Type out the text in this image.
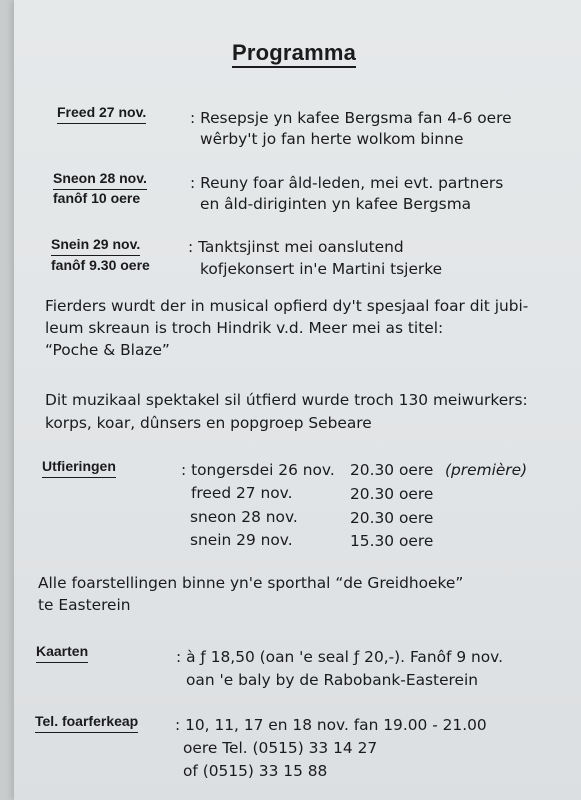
Programma
Freed 27 nov.	: Resepsje yn kafee Bergsma fan 4-6 oere
wêrby't jo fan herte wolkom binne
Sneon 28 nov.
fanôf 10 oere
: Reuny foar âld-leden, mei evt. partners
en âld-diriginten yn kafee Bergsma
Snein 29 nov.
fanôf 9.30 oere
: Tanktsjinst mei oanslutend
kofjekonsert in'e Martini tsjerke
Fierders wurdt der in musical opfierd dy't spesjaal foar dit jubi-
leum skreaun is troch Hindrik v.d. Meer mei as titel:
“Poche & Blaze”
Dit muzikaal spektakel sil útfierd wurde troch 130 meiwurkers:
korps, koar, dûnsers en popgroep Sebeare
Utfieringen	: tongersdei 26 nov. 20.30 oere (première)
freed 27 nov.	20.30 oere
sneon 28 nov.	20.30 oere
snein 29 nov.	15.30 oere
Alle foarstellingen binne yn'e sporthal “de Greidhoeke”
te Easterein
Kaarten	: à ƒ 18,50 (oan 'e seal ƒ 20,-). Fanôf 9 nov.
oan 'e baly by de Rabobank-Easterein
Tel. foarferkeap : 10, 11, 17 en 18 nov. fan 19.00 - 21.00
oere Tel. (0515) 33 14 27
of (0515) 33 15 88
